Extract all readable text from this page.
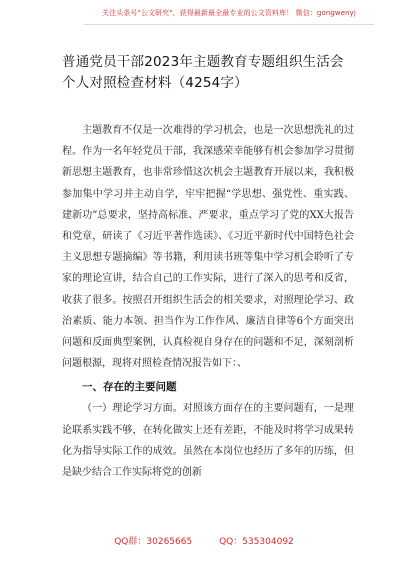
关注头条号"公文研究"，获得最新最全最专业的公文资料库！ 微信：gongwenyj
普通党员干部2023年主题教育专题组织生活会
个人对照检查材料（4254字）

主题教育不仅是一次难得的学习机会，也是一次思想洗礼的过程。作为一名年轻党员干部，我深感荣幸能够有机会参加学习贯彻新思想主题教育，也非常珍惜这次机会主题教育开展以来，我积极参加集中学习并主动自学，牢牢把握“学思想、强党性、重实践、建新功”总要求，坚持高标准、严要求，重点学习了党的XX大报告和党章，研读了《习近平著作选读》、《习近平新时代中国特色社会主义思想专题摘编》等书籍，利用读书班等集中学习机会聆听了专家的理论宣讲，结合自己的工作实际，进行了深入的思考和反省，收获了很多。按照召开组织生活会的相关要求，对照理论学习、政治素质、能力本领、担当作为工作作风、廉洁自律等6个方面突出问题和反面典型案例，认真检视自身存在的问题和不足，深刻剖析问题根源，现将对照检查情况报告如下：、

一、存在的主要问题

（一）理论学习方面。对照该方面存在的主要问题有，一是理论联系实践不够，在转化做实上还有差距，不能及时将学习成果转化为指导实际工作的成效。虽然在本岗位也经历了多年的历练，但是缺少结合工作实际将党的创新

QQ群：30265665	QQ：535304092
